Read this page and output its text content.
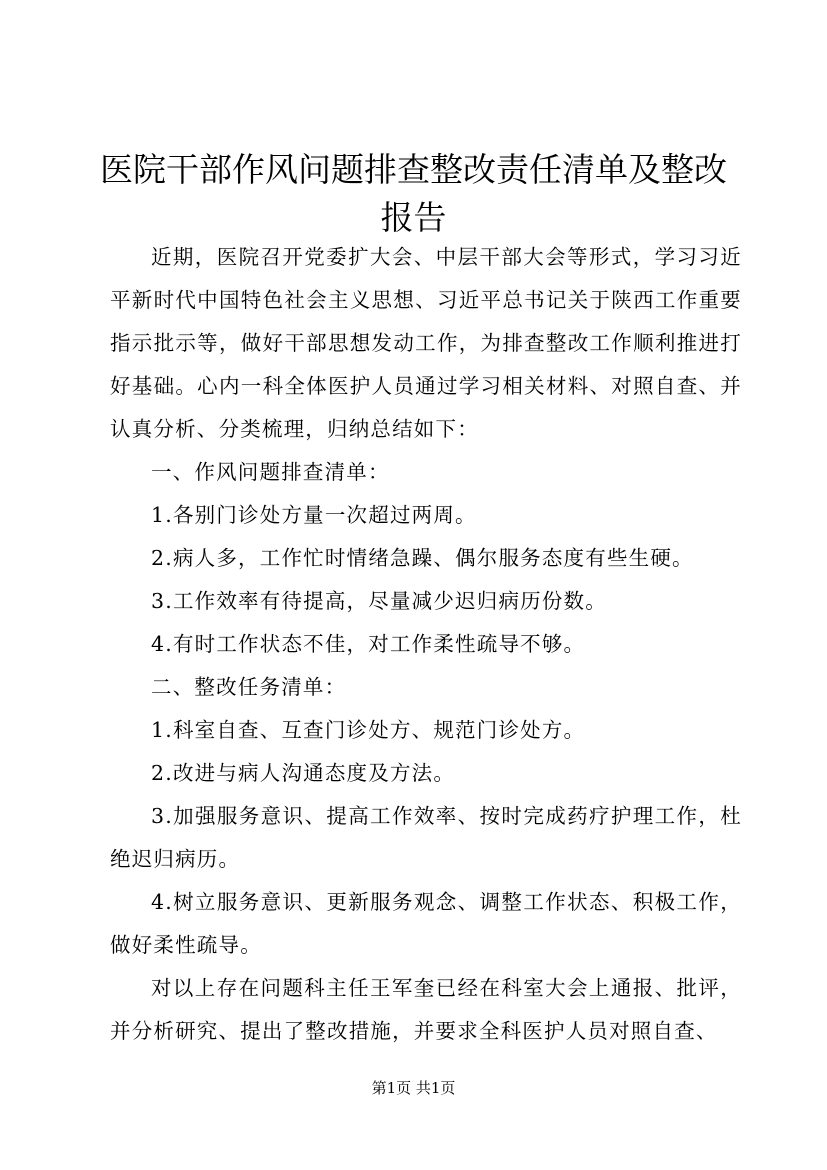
医院干部作风问题排查整改责任清单及整改报告

近期，医院召开党委扩大会、中层干部大会等形式，学习习近平新时代中国特色社会主义思想、习近平总书记关于陕西工作重要指示批示等，做好干部思想发动工作，为排查整改工作顺利推进打好基础。心内一科全体医护人员通过学习相关材料、对照自查、并认真分析、分类梳理，归纳总结如下：

一、作风问题排查清单：

1.各别门诊处方量一次超过两周。

2.病人多，工作忙时情绪急躁、偶尔服务态度有些生硬。

3.工作效率有待提高，尽量减少迟归病历份数。

4.有时工作状态不佳，对工作柔性疏导不够。

二、整改任务清单：

1.科室自查、互查门诊处方、规范门诊处方。

2.改进与病人沟通态度及方法。

3.加强服务意识、提高工作效率、按时完成药疗护理工作，杜绝迟归病历。

4.树立服务意识、更新服务观念、调整工作状态、积极工作，做好柔性疏导。

对以上存在问题科主任王军奎已经在科室大会上通报、批评，并分析研究、提出了整改措施，并要求全科医护人员对照自查、

第1页 共1页
